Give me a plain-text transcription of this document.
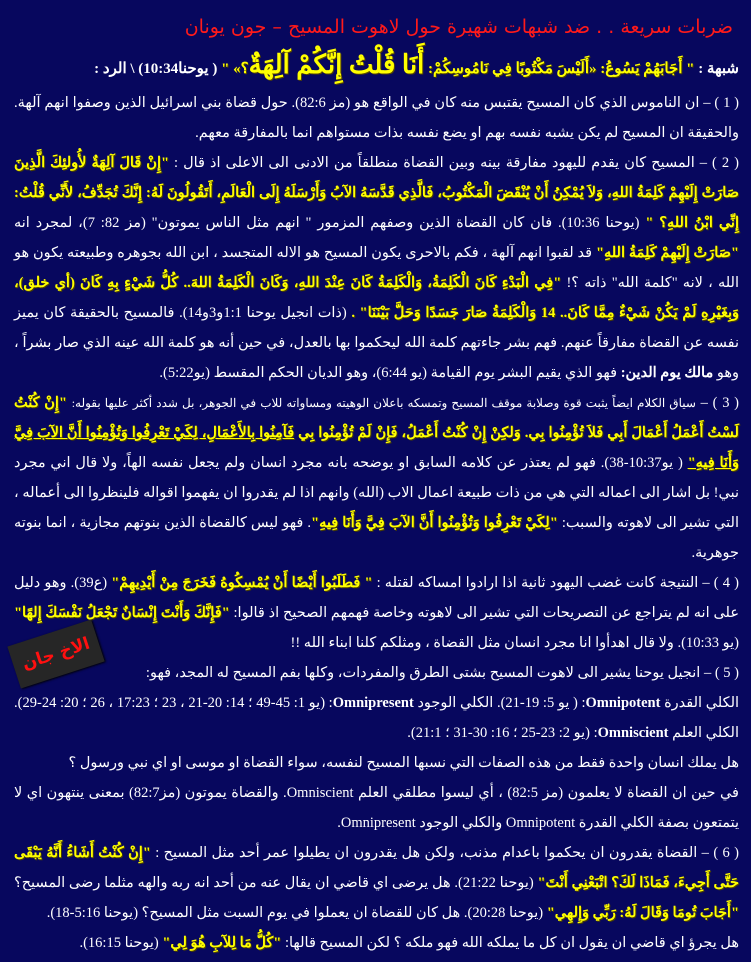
ضربات سريعة . . ضد شبهات شهيرة حول لاهوت المسيح – جون يونان
شبهة : " أَجَابَهُمْ يَسُوعُ: «أَلَيْسَ مَكْتُوبًا فِي نَامُوسِكُمْ: أَنَا قُلْتُ إِنَّكُمْ آلِهَةٌ؟» " ( يوحنا10:34) \ الرد :

( 1 ) – ان الناموس الذي كان المسيح يقتبس منه كان في الواقع هو (مز 82:6). حول قضاة بني اسرائيل الذين وصفوا انهم آلهة. والحقيقة ان المسيح لم يكن يشبه نفسه بهم او يضع نفسه بذات مستواهم انما بالمفارقة معهم.

( 2 ) – المسيح كان يقدم لليهود مفارقة بينه وبين القضاة منطلقاً من الادنى الى الاعلى اذ قال : "إِنْ قَالَ آلِهَةٌ لأُولئِكَ الَّذِينَ صَارَتْ إِلَيْهِمْ كَلِمَةُ اللهِ، وَلاَ يُمْكِنُ أَنْ يُنْقَضَ الْمَكْتُوبُ، فَالَّذِي قَدَّسَهُ الآبُ وَأَرْسَلَهُ إِلَى الْعَالَمِ، أَتَقُولُونَ لَهُ: إِنَّكَ تُجَدِّفُ، لأَنِّي قُلْتُ: إِنِّي ابْنُ اللهِ؟ " (يوحنا 10:36). فان كان القضاة الذين وصفهم المزمور " انهم مثل الناس يموتون" (مز 82: 7)، لمجرد انه "صَارَتْ إِلَيْهِمْ كَلِمَةُ اللهِ" قد لقبوا انهم آلهة ، فكم بالاحرى يكون المسيح هو الاله المتجسد ، ابن الله بجوهره وطبيعته يكون هو الله ، لانه "كلمة الله" ذاته ؟! "فِي الْبَدْءِ كَانَ الْكَلِمَةُ، وَالْكَلِمَةُ كَانَ عِنْدَ اللهِ، وَكَانَ الْكَلِمَةُ اللهَ.. كُلُّ شَيْءٍ بِهِ كَانَ (أي خلق)، وَبِغَيْرِهِ لَمْ يَكُنْ شَيْءٌ مِمَّا كَانَ.. 14 وَالْكَلِمَةُ صَارَ جَسَدًا وَحَلَّ بَيْنَنَا" . (ذات انجيل يوحنا 1:1و3و14). فالمسيح بالحقيقة كان يميز نفسه عن القضاة مفارقاً عنهم. فهم بشر جاءتهم كلمة الله ليحكموا بها بالعدل، في حين أنه هو كلمة الله عينه الذي صار بشراً ، وهو مالك يوم الدين: فهو الذي يقيم البشر يوم القيامة (يو 6:44)، وهو الديان الحكم المقسط (يو5:22).

( 3 ) – سياق الكلام ايضاً يثبت قوة وصلابة موقف المسيح وتمسكه باعلان الوهيته ومساواته للاب في الجوهر، بل شدد أكثر عليها بقوله: "إِنْ كُنْتُ لَسْتُ أَعْمَلُ أَعْمَالَ أَبِي فَلاَ تُؤْمِنُوا بِي. وَلكِنْ إِنْ كُنْتُ أَعْمَلُ، فَإِنْ لَمْ تُؤْمِنُوا بِي فَآمِنُوا بِالأَعْمَالِ، لِكَيْ تَعْرِفُوا وَتُؤْمِنُوا أَنَّ الآبَ فِيَّ وَأَنَا فِيهِ" ( يو10:37-38). فهو لم يعتذر عن كلامه السابق او يوضحه بانه مجرد انسان ولم يجعل نفسه الهاً، ولا قال اني مجرد نبي! بل اشار الى اعماله التي هي من ذات طبيعة اعمال الاب (الله) وانهم اذا لم يقدروا ان يفهموا اقواله فلينظروا الى أعماله ، التي تشير الى لاهوته والسبب: "لِكَيْ تَعْرِفُوا وَتُؤْمِنُوا أَنَّ الآبَ فِيَّ وَأَنَا فِيهِ". فهو ليس كالقضاة الذين بنوتهم مجازية ، انما بنوته جوهرية.

( 4 ) – النتيجة كانت غضب اليهود ثانية اذا ارادوا امساكه لقتله : " فَطَلَبُوا أَيْضًا أَنْ يُمْسِكُوهُ فَخَرَجَ مِنْ أَيْدِيهِمْ" (ع39). وهو دليل على انه لم يتراجع عن التصريحات التي تشير الى لاهوته وخاصة فهمهم الصحيح اذ قالوا: "فَإِنَّكَ وَأَنْتَ إِنْسَانٌ تَجْعَلُ نَفْسَكَ إِلهًا" (يو 10:33). ولا قال اهدأوا انا مجرد انسان مثل القضاة ، ومثلكم كلنا ابناء الله !!

( 5 ) – انجيل يوحنا يشير الى لاهوت المسيح بشتى الطرق والمفردات، وكلها بفم المسيح له المجد، فهو:

الكلي القدرة Omnipotent: ( يو 5: 19-21). الكلي الوجود Omnipresent: (يو 1: 45-49 ؛ 14: 20-21 ، 23 ؛ 17:23 ، 26 ؛ 20: 24-29). الكلي العلم Omniscient: (يو 2: 23-25 ؛ 16: 30-31 ؛ 21:1).

هل يملك انسان واحدة فقط من هذه الصفات التي نسبها المسيح لنفسه، سواء القضاة او موسى او اي نبي ورسول ؟

في حين ان القضاة لا يعلمون (مز 82:5) ، أي ليسوا مطلقي العلم Omniscient. والقضاة يموتون (مز82:7) بمعنى ينتهون اي لا يتمتعون بصفة الكلي القدرة Omnipotent والكلي الوجود Omnipresent.

( 6 ) – القضاة يقدرون ان يحكموا باعدام مذنب، ولكن هل يقدرون ان يطيلوا عمر أحد مثل المسيح : "إِنْ كُنْتُ أَشَاءُ أَنَّهُ يَبْقَى حَتَّى أَجِيءَ، فَمَاذَا لَكَ؟ اتْبَعْنِي أَنْتَ" (يوحنا 21:22). هل يرضى اي قاضي ان يقال عنه من أحد انه ربه والهه مثلما رضى المسيح؟ "أَجَابَ تُومَا وَقَالَ لَهُ: رَبِّي وَإِلهِي" (يوحنا 20:28). هل كان للقضاة ان يعملوا في يوم السبت مثل المسيح؟ (يوحنا 5:16-18).

هل يجرؤ اي قاضي ان يقول ان كل ما يملكه الله فهو ملكه ؟ لكن المسيح قالها: "كُلُّ مَا لِلآبِ هُوَ لِي" (يوحنا 16:15).

الاخ جان
